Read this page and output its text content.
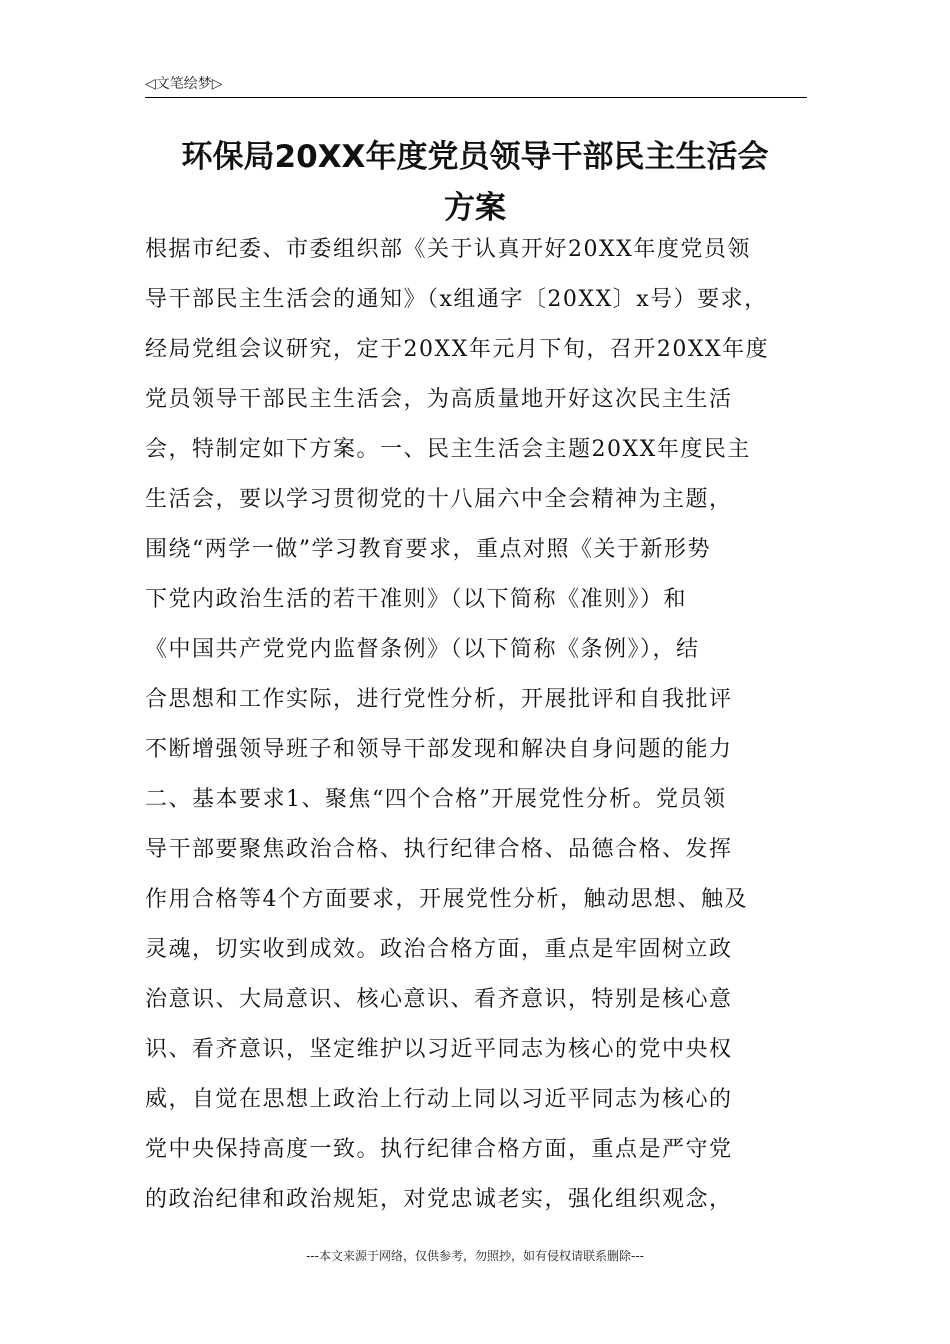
◁文笔绘梦▷
环保局20XX年度党员领导干部民主生活会
方案
根据市纪委、市委组织部《关于认真开好20XX年度党员领
导干部民主生活会的通知》（x组通字〔20XX〕x号）要求，
经局党组会议研究，定于20XX年元月下旬，召开20XX年度
党员领导干部民主生活会，为高质量地开好这次民主生活
会，特制定如下方案。一、民主生活会主题20XX年度民主
生活会，要以学习贯彻党的十八届六中全会精神为主题，
围绕“两学一做”学习教育要求，重点对照《关于新形势
下党内政治生活的若干准则》（以下简称《准则》）和
《中国共产党党内监督条例》（以下简称《条例》），结
合思想和工作实际，进行党性分析，开展批评和自我批评
不断增强领导班子和领导干部发现和解决自身问题的能力
二、基本要求1、聚焦“四个合格”开展党性分析。党员领
导干部要聚焦政治合格、执行纪律合格、品德合格、发挥
作用合格等4个方面要求，开展党性分析，触动思想、触及
灵魂，切实收到成效。政治合格方面，重点是牢固树立政
治意识、大局意识、核心意识、看齐意识，特别是核心意
识、看齐意识，坚定维护以习近平同志为核心的党中央权
威，自觉在思想上政治上行动上同以习近平同志为核心的
党中央保持高度一致。执行纪律合格方面，重点是严守党
的政治纪律和政治规矩，对党忠诚老实，强化组织观念，
---本文来源于网络，仅供参考，勿照抄，如有侵权请联系删除---
